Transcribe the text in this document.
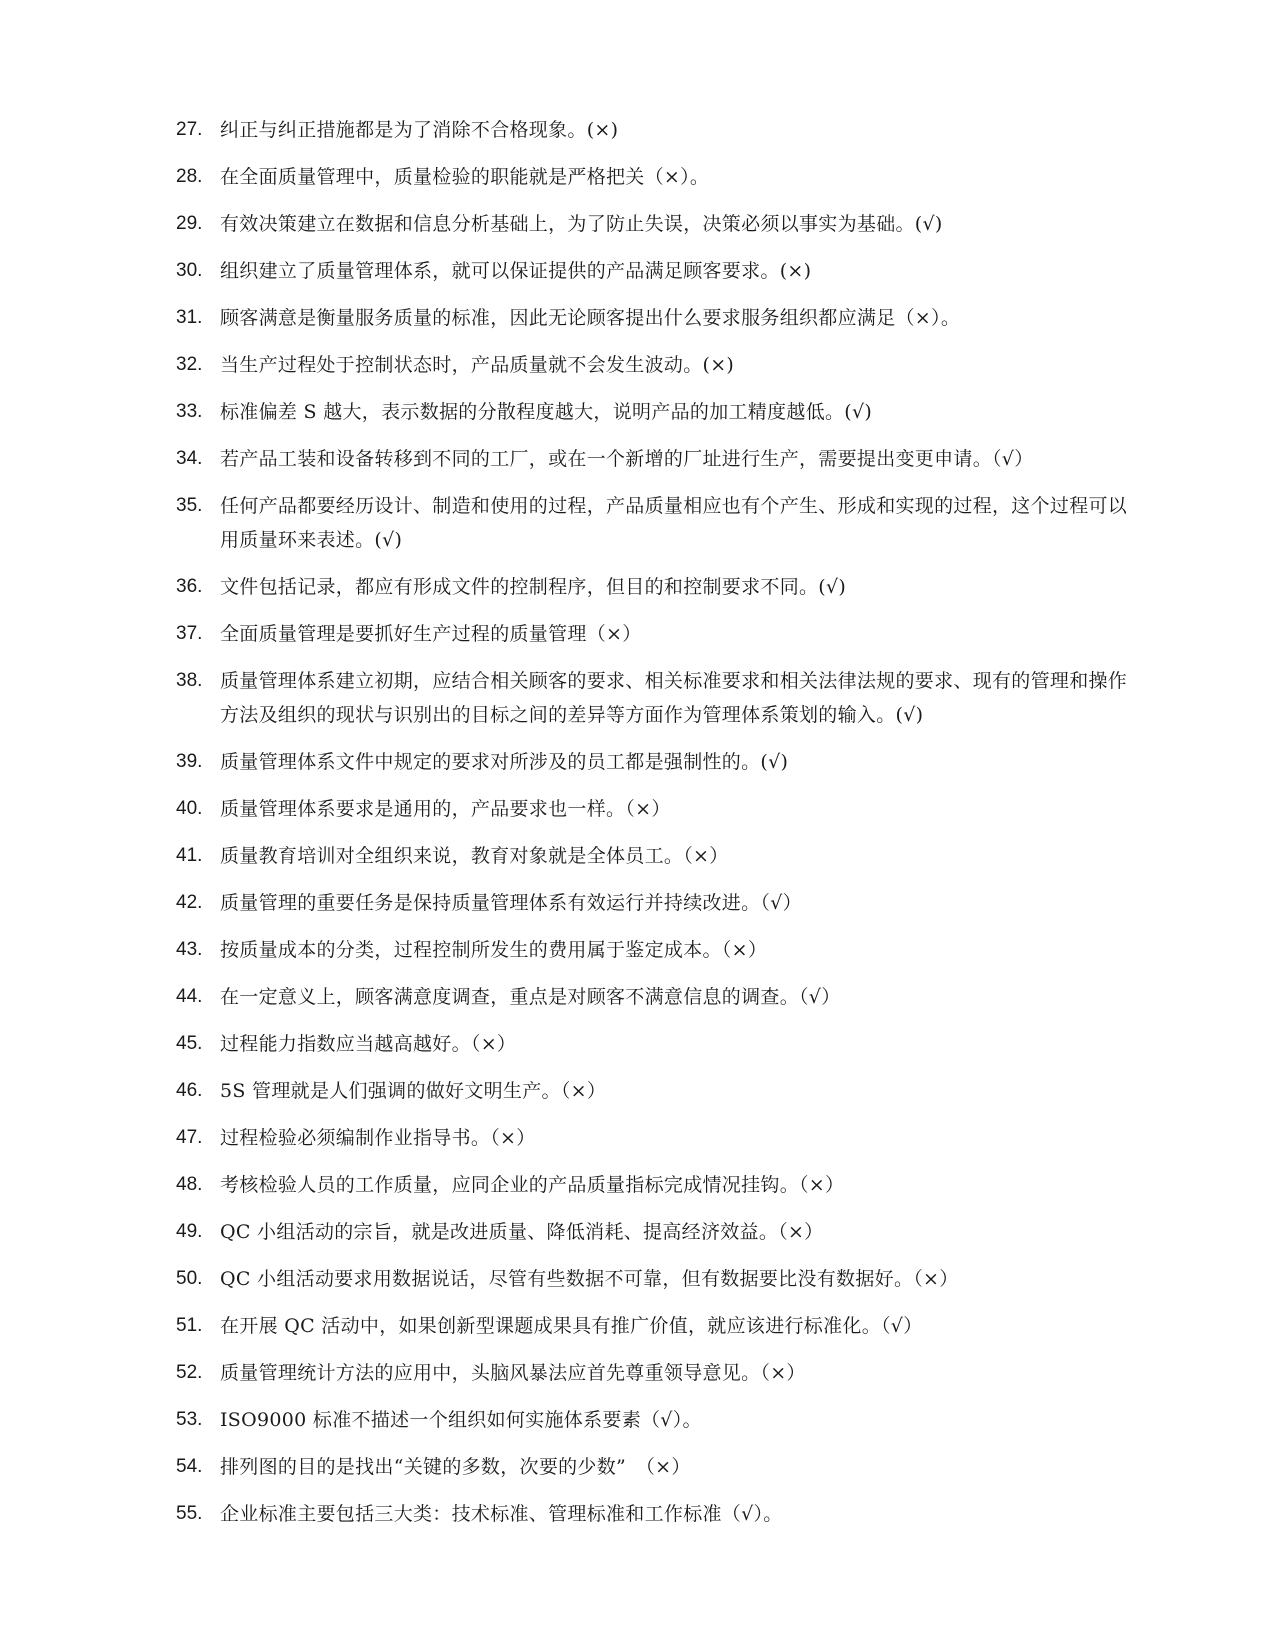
27. 纠正与纠正措施都是为了消除不合格现象。(×)
28. 在全面质量管理中，质量检验的职能就是严格把关（×）。
29. 有效决策建立在数据和信息分析基础上，为了防止失误，决策必须以事实为基础。(√)
30. 组织建立了质量管理体系，就可以保证提供的产品满足顾客要求。(×)
31. 顾客满意是衡量服务质量的标准，因此无论顾客提出什么要求服务组织都应满足（×）。
32. 当生产过程处于控制状态时，产品质量就不会发生波动。(×)
33. 标准偏差 S 越大，表示数据的分散程度越大，说明产品的加工精度越低。(√)
34. 若产品工装和设备转移到不同的工厂，或在一个新增的厂址进行生产，需要提出变更申请。（√）
35. 任何产品都要经历设计、制造和使用的过程，产品质量相应也有个产生、形成和实现的过程，这个过程可以用质量环来表述。(√)
36. 文件包括记录，都应有形成文件的控制程序，但目的和控制要求不同。(√)
37. 全面质量管理是要抓好生产过程的质量管理（×）
38. 质量管理体系建立初期，应结合相关顾客的要求、相关标准要求和相关法律法规的要求、现有的管理和操作方法及组织的现状与识别出的目标之间的差异等方面作为管理体系策划的输入。(√)
39. 质量管理体系文件中规定的要求对所涉及的员工都是强制性的。(√)
40. 质量管理体系要求是通用的，产品要求也一样。（×）
41. 质量教育培训对全组织来说，教育对象就是全体员工。（×）
42. 质量管理的重要任务是保持质量管理体系有效运行并持续改进。（√）
43. 按质量成本的分类，过程控制所发生的费用属于鉴定成本。（×）
44. 在一定意义上，顾客满意度调查，重点是对顾客不满意信息的调查。（√）
45. 过程能力指数应当越高越好。（×）
46. 5S 管理就是人们强调的做好文明生产。（×）
47. 过程检验必须编制作业指导书。（×）
48. 考核检验人员的工作质量，应同企业的产品质量指标完成情况挂钩。（×）
49. QC 小组活动的宗旨，就是改进质量、降低消耗、提高经济效益。（×）
50. QC 小组活动要求用数据说话，尽管有些数据不可靠，但有数据要比没有数据好。（×）
51. 在开展 QC 活动中，如果创新型课题成果具有推广价值，就应该进行标准化。（√）
52. 质量管理统计方法的应用中，头脑风暴法应首先尊重领导意见。（×）
53. ISO9000 标准不描述一个组织如何实施体系要素（√）。
54. 排列图的目的是找出“关键的多数，次要的少数”　（×）
55. 企业标准主要包括三大类：技术标准、管理标准和工作标准（√）。
